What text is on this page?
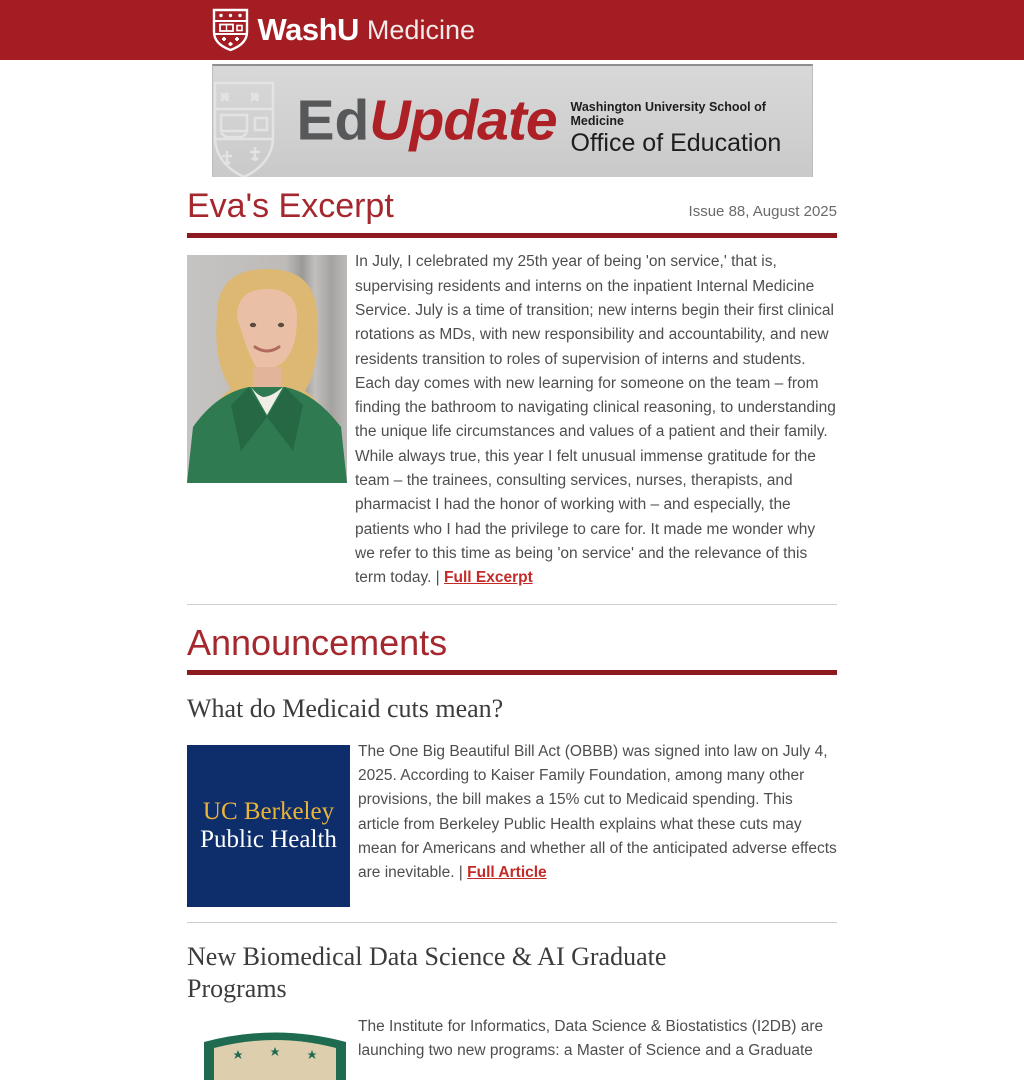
WashU Medicine
EdUpdate Washington University School of Medicine
Office of Education
Eva's Excerpt	Issue 88, August 2025

In July, I celebrated my 25th year of being 'on service,' that is, supervising residents and interns on the inpatient Internal Medicine Service. July is a time of transition; new interns begin their first clinical rotations as MDs, with new responsibility and accountability, and new residents transition to roles of supervision of interns and students. Each day comes with new learning for someone on the team – from finding the bathroom to navigating clinical reasoning, to understanding the unique life circumstances and values of a patient and their family. While always true, this year I felt unusual immense gratitude for the team – the trainees, consulting services, nurses, therapists, and pharmacist I had the honor of working with – and especially, the patients who I had the privilege to care for. It made me wonder why we refer to this time as being 'on service' and the relevance of this term today. | Full Excerpt

Announcements
What do Medicaid cuts mean?
UC Berkeley
Public Health

The One Big Beautiful Bill Act (OBBB) was signed into law on July 4, 2025. According to Kaiser Family Foundation, among many other provisions, the bill makes a 15% cut to Medicaid spending. This article from Berkeley Public Health explains what these cuts may mean for Americans and whether all of the anticipated adverse effects are inevitable. | Full Article

New Biomedical Data Science & AI Graduate Programs

The Institute for Informatics, Data Science & Biostatistics (I2DB) are launching two new programs: a Master of Science and a Graduate
